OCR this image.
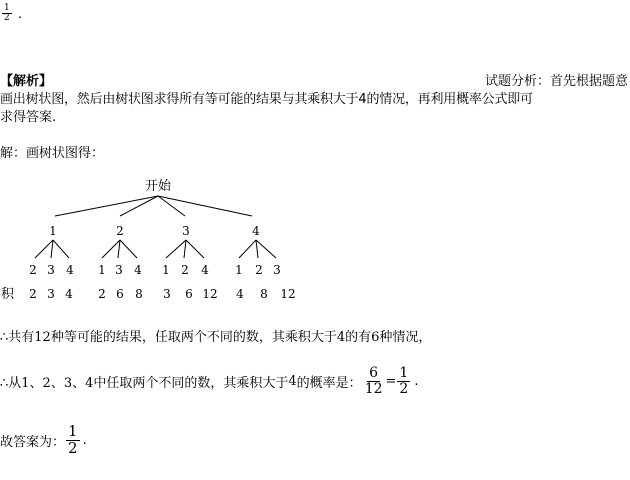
$\frac{1}{2}$ .
【解析】	试题分析：首先根据题意
画出树状图，然后由树状图求得所有等可能的结果与其乘积大于4的情况，再利用概率公式即可
求得答案.
解：画树状图得：
开始
1	2	3	4
2 3 4 1 3 4 1 2 4 1 2 3
积 2 3 4 2 6 8 3 6 12 4 8 12
∴共有12种等可能的结果，任取两个不同的数，其乘积大于4的有6种情况，
∴从 1、2、3、4 中任取两个不同的数，其乘积大于 4 的概率是： $\frac{6}{12} = \frac{1}{2}$ .
故答案为： $\frac{1}{2}$ .
